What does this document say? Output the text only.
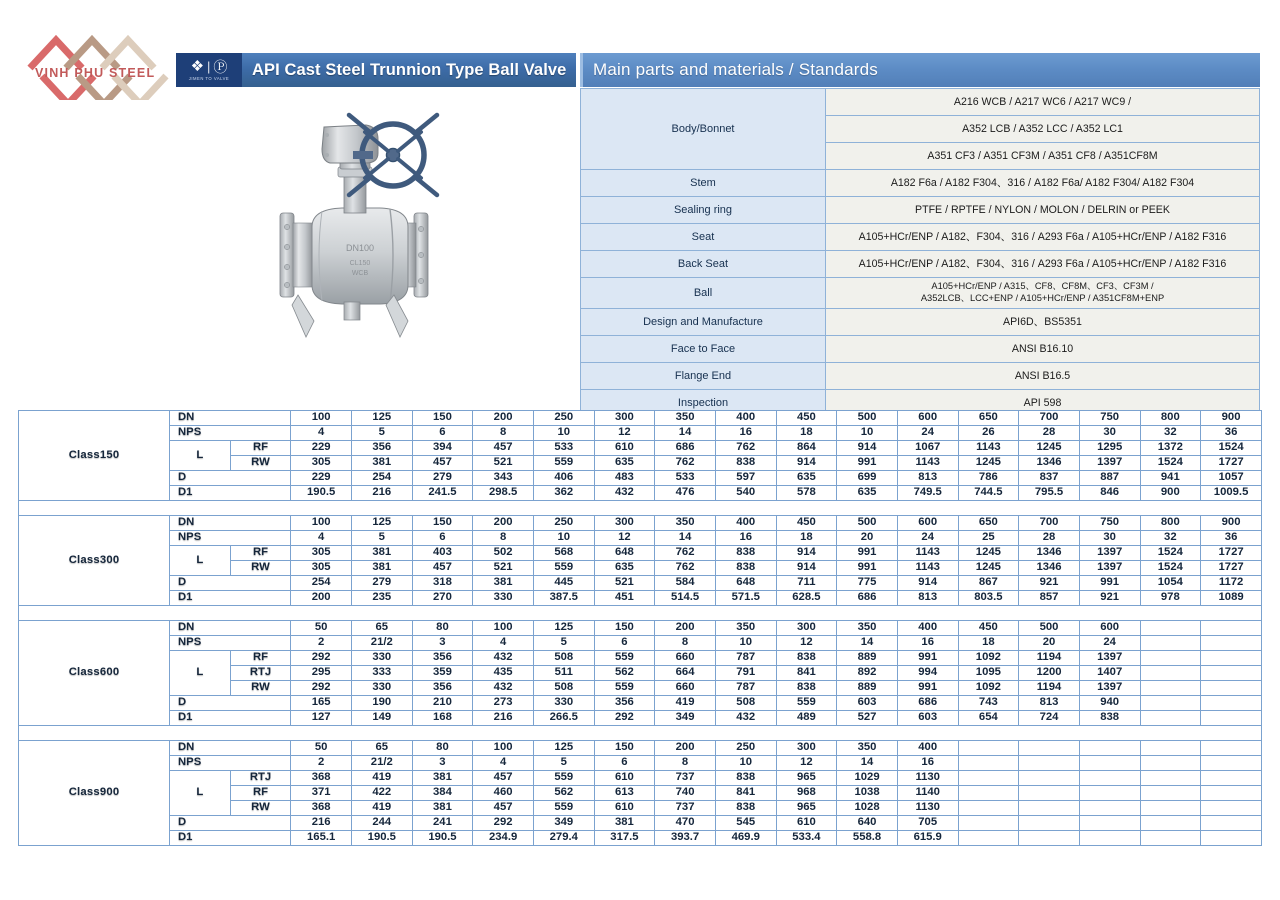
VINH PHU STEEL ❖ | Ⓟ
JIMEN TO VALVE	API Cast Steel Trunnion Type Ball Valve	Main parts and materials / Standards
DN100
CL150
WCB
Body/Bonnet	A216 WCB / A217 WC6 / A217 WC9 /
	A352 LCB / A352 LCC / A352 LC1
	A351 CF3 / A351 CF3M / A351 CF8 / A351CF8M
Stem	A182 F6a / A182 F304、316 / A182 F6a/ A182 F304/ A182 F304
Sealing ring	PTFE / RPTFE / NYLON / MOLON / DELRIN or PEEK
Seat	A105+HCr/ENP / A182、F304、316 / A293 F6a / A105+HCr/ENP / A182 F316
Back Seat	A105+HCr/ENP / A182、F304、316 / A293 F6a / A105+HCr/ENP / A182 F316
Ball	A105+HCr/ENP / A315、CF8、CF8M、CF3、CF3M /
A352LCB、LCC+ENP / A105+HCr/ENP / A351CF8M+ENP
Design and Manufacture	API6D、BS5351
Face to Face	ANSI B16.10
Flange End	ANSI B16.5
Inspection	API 598
Class150	DN		100	125	150	200	250	300	350	400	450	500	600	650	700	750	800	900
	NPS		4	5	6	8	10	12	14	16	18	10	24	26	28	30	32	36
	L	RF	229	356	394	457	533	610	686	762	864	914	1067	1143	1245	1295	1372	1524
		RW	305	381	457	521	559	635	762	838	914	991	1143	1245	1346	1397	1524	1727
	D		229	254	279	343	406	483	533	597	635	699	813	786	837	887	941	1057
	D1		190.5	216	241.5	298.5	362	432	476	540	578	635	749.5	744.5	795.5	846	900	1009.5

Class300	DN		100	125	150	200	250	300	350	400	450	500	600	650	700	750	800	900
	NPS		4	5	6	8	10	12	14	16	18	20	24	25	28	30	32	36
	L	RF	305	381	403	502	568	648	762	838	914	991	1143	1245	1346	1397	1524	1727
		RW	305	381	457	521	559	635	762	838	914	991	1143	1245	1346	1397	1524	1727
	D		254	279	318	381	445	521	584	648	711	775	914	867	921	991	1054	1172
	D1		200	235	270	330	387.5	451	514.5	571.5	628.5	686	813	803.5	857	921	978	1089

Class600	DN		50	65	80	100	125	150	200	350	300	350	400	450	500	600		
	NPS		2	21/2	3	4	5	6	8	10	12	14	16	18	20	24		
	L	RF	292	330	356	432	508	559	660	787	838	889	991	1092	1194	1397		
		RTJ	295	333	359	435	511	562	664	791	841	892	994	1095	1200	1407		
		RW	292	330	356	432	508	559	660	787	838	889	991	1092	1194	1397		
	D		165	190	210	273	330	356	419	508	559	603	686	743	813	940		
	D1		127	149	168	216	266.5	292	349	432	489	527	603	654	724	838		

Class900	DN		50	65	80	100	125	150	200	250	300	350	400					
	NPS		2	21/2	3	4	5	6	8	10	12	14	16					
	L	RTJ	368	419	381	457	559	610	737	838	965	1029	1130					
		RF	371	422	384	460	562	613	740	841	968	1038	1140					
		RW	368	419	381	457	559	610	737	838	965	1028	1130					
	D		216	244	241	292	349	381	470	545	610	640	705					
	D1		165.1	190.5	190.5	234.9	279.4	317.5	393.7	469.9	533.4	558.8	615.9					
